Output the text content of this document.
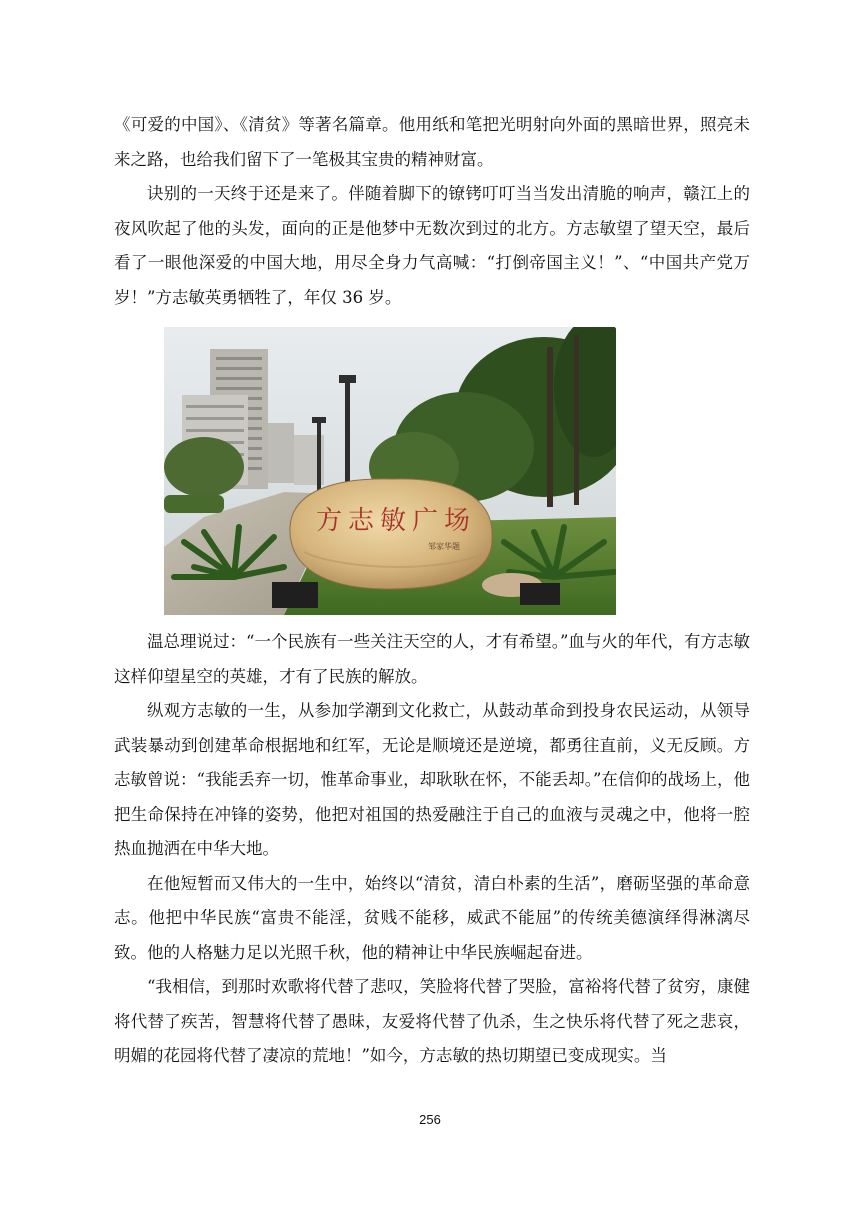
《可爱的中国》、《清贫》等著名篇章。他用纸和笔把光明射向外面的黑暗世界，照亮未来之路，也给我们留下了一笔极其宝贵的精神财富。

诀别的一天终于还是来了。伴随着脚下的镣铐叮叮当当发出清脆的响声，赣江上的夜风吹起了他的头发，面向的正是他梦中无数次到过的北方。方志敏望了望天空，最后看了一眼他深爱的中国大地，用尽全身力气高喊：“打倒帝国主义！”、“中国共产党万岁！”方志敏英勇牺牲了，年仅 36 岁。

方志敏广场
邹家华题

温总理说过：“一个民族有一些关注天空的人，才有希望。”血与火的年代，有方志敏这样仰望星空的英雄，才有了民族的解放。

纵观方志敏的一生，从参加学潮到文化救亡，从鼓动革命到投身农民运动，从领导武装暴动到创建革命根据地和红军，无论是顺境还是逆境，都勇往直前，义无反顾。方志敏曾说：“我能丢弃一切，惟革命事业，却耿耿在怀，不能丢却。”在信仰的战场上，他把生命保持在冲锋的姿势，他把对祖国的热爱融注于自己的血液与灵魂之中，他将一腔热血抛洒在中华大地。

在他短暂而又伟大的一生中，始终以“清贫，清白朴素的生活”，磨砺坚强的革命意志。他把中华民族“富贵不能淫，贫贱不能移，威武不能屈”的传统美德演绎得淋漓尽致。他的人格魅力足以光照千秋，他的精神让中华民族崛起奋进。

“我相信，到那时欢歌将代替了悲叹，笑脸将代替了哭脸，富裕将代替了贫穷，康健将代替了疾苦，智慧将代替了愚昧，友爱将代替了仇杀，生之快乐将代替了死之悲哀，明媚的花园将代替了凄凉的荒地！”如今，方志敏的热切期望已变成现实。当

256
